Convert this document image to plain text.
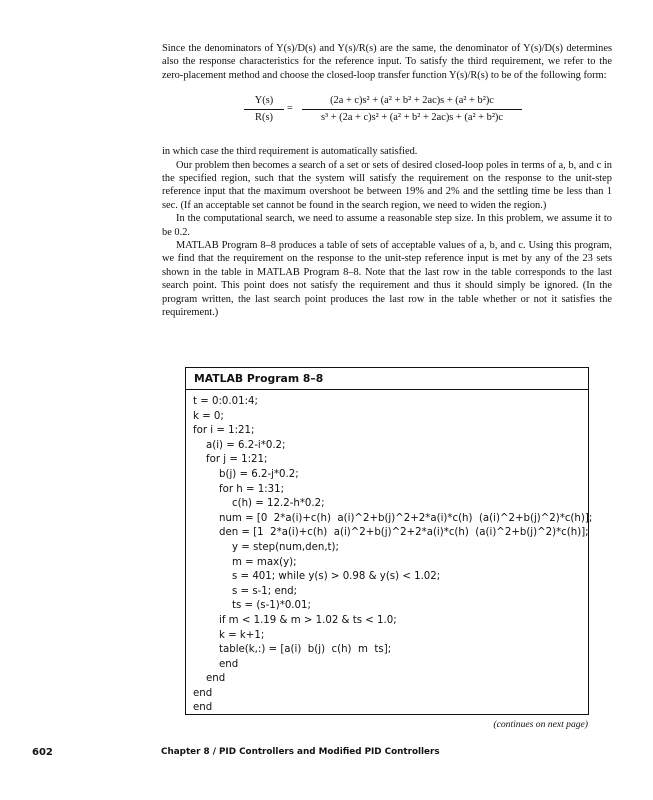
Since the denominators of Y(s)/D(s) and Y(s)/R(s) are the same, the denominator of Y(s)/D(s) determines also the response characteristics for the reference input. To satisfy the third requirement, we refer to the zero-placement method and choose the closed-loop transfer function Y(s)/R(s) to be of the following form:

$\frac{Y(s)}{R(s)} = \frac{\text{(2a + c)s² + (a² + b² + 2ac)s + (a² + b²)c}}{\text{s³ + (2a + c)s² + (a² + b² + 2ac)s + (a² + b²)c}}$

in which case the third requirement is automatically satisfied.

Our problem then becomes a search of a set or sets of desired closed-loop poles in terms of a, b, and c in the specified region, such that the system will satisfy the requirement on the response to the unit-step reference input that the maximum overshoot be between 19% and 2% and the settling time be less than 1 sec. (If an acceptable set cannot be found in the search region, we need to widen the region.)

In the computational search, we need to assume a reasonable step size. In this problem, we assume it to be 0.2.

MATLAB Program 8–8 produces a table of sets of acceptable values of a, b, and c. Using this program, we find that the requirement on the response to the unit-step reference input is met by any of the 23 sets shown in the table in MATLAB Program 8–8. Note that the last row in the table corresponds to the last search point. This point does not satisfy the requirement and thus it should simply be ignored. (In the program written, the last search point produces the last row in the table whether or not it satisfies the requirement.)

MATLAB Program 8–8
t = 0:0.01:4;
k = 0;
for i = 1:21;
a(i) = 6.2-i*0.2;
for j = 1:21;
b(j) = 6.2-j*0.2;
for h = 1:31;
c(h) = 12.2-h*0.2;
num = [0  2*a(i)+c(h)  a(i)^2+b(j)^2+2*a(i)*c(h)  (a(i)^2+b(j)^2)*c(h)];
den = [1  2*a(i)+c(h)  a(i)^2+b(j)^2+2*a(i)*c(h)  (a(i)^2+b(j)^2)*c(h)];
y = step(num,den,t);
m = max(y);
s = 401; while y(s) > 0.98 & y(s) < 1.02;
s = s-1; end;
ts = (s-1)*0.01;
if m < 1.19 & m > 1.02 & ts < 1.0;
k = k+1;
table(k,:) = [a(i)  b(j)  c(h)  m  ts];
end
end
end
end
(continues on next page)
602	Chapter 8 / PID Controllers and Modified PID Controllers
